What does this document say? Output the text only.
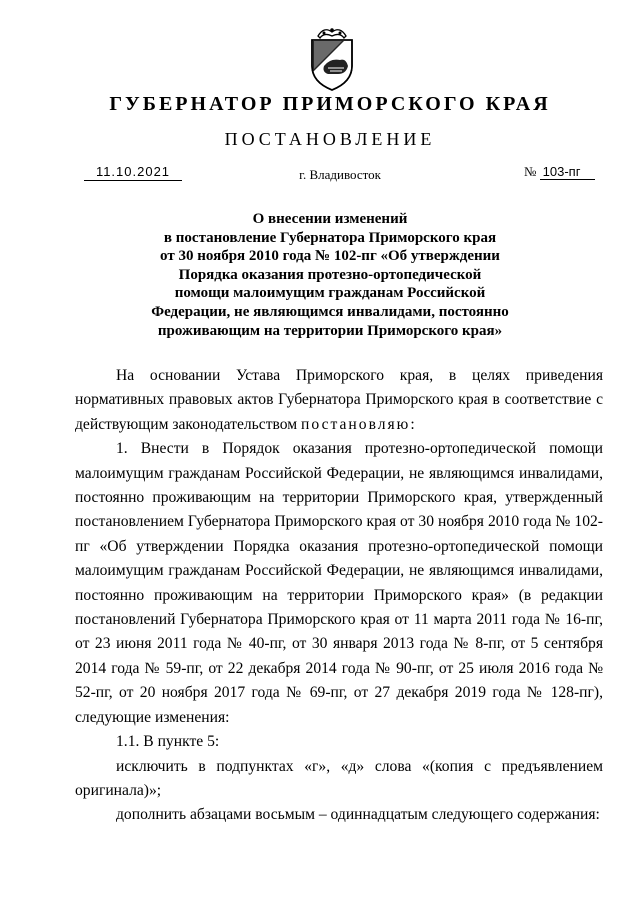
ГУБЕРНАТОР ПРИМОРСКОГО КРАЯ
ПОСТАНОВЛЕНИЕ
11.10.2021	г. Владивосток	№ 103-пг
О внесении изменений
в постановление Губернатора Приморского края
от 30 ноября 2010 года № 102-пг «Об утверждении
Порядка оказания протезно-ортопедической
помощи малоимущим гражданам Российской
Федерации, не являющимся инвалидами, постоянно
проживающим на территории Приморского края»

На основании Устава Приморского края, в целях приведения нормативных правовых актов Губернатора Приморского края в соответствие с действующим законодательством постановляю:

1. Внести в Порядок оказания протезно-ортопедической помощи малоимущим гражданам Российской Федерации, не являющимся инвалидами, постоянно проживающим на территории Приморского края, утвержденный постановлением Губернатора Приморского края от 30 ноября 2010 года № 102-пг «Об утверждении Порядка оказания протезно-ортопедической помощи малоимущим гражданам Российской Федерации, не являющимся инвалидами, постоянно проживающим на территории Приморского края» (в редакции постановлений Губернатора Приморского края от 11 марта 2011 года № 16-пг, от 23 июня 2011 года № 40-пг, от 30 января 2013 года № 8-пг, от 5 сентября 2014 года № 59-пг, от 22 декабря 2014 года № 90-пг, от 25 июля 2016 года № 52-пг, от 20 ноября 2017 года № 69-пг, от 27 декабря 2019 года № 128-пг), следующие изменения:

1.1. В пункте 5:

исключить в подпунктах «г», «д» слова «(копия с предъявлением оригинала)»;

дополнить абзацами восьмым – одиннадцатым следующего содержания:
